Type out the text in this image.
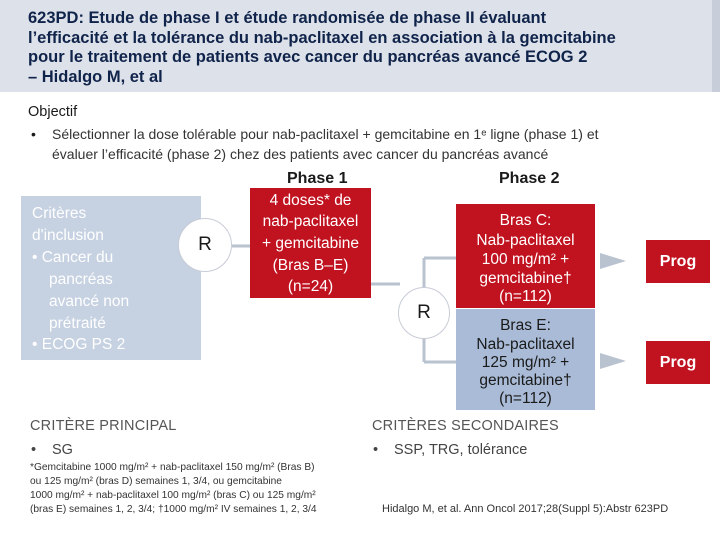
623PD: Etude de phase I et étude randomisée de phase II évaluant
l’efficacité et la tolérance du nab-paclitaxel en association à la gemcitabine
pour le traitement de patients avec cancer du pancréas avancé ECOG 2
– Hidalgo M, et al
Objectif
• Sélectionner la dose tolérable pour nab-paclitaxel + gemcitabine en 1ᵉ ligne (phase 1) et
évaluer l’efficacité (phase 2) chez des patients avec cancer du pancréas avancé
Phase 1	Phase 2
Critères
d'inclusion
• Cancer du
pancréas
avancé non
prétraité
• ECOG PS 2
R
4 doses* de
nab-paclitaxel
+ gemcitabine
(Bras B–E)
(n=24)
R
Bras C:
Nab-paclitaxel
100 mg/m² +
gemcitabine†
(n=112)
Bras E:
Nab-paclitaxel
125 mg/m² +
gemcitabine†
(n=112)
Prog
Prog
CRITÈRE PRINCIPAL
• SG
CRITÈRES SECONDAIRES
• SSP, TRG, tolérance
*Gemcitabine 1000 mg/m² + nab-paclitaxel 150 mg/m² (Bras B)
ou 125 mg/m² (bras D) semaines 1, 3/4, ou gemcitabine
1000 mg/m² + nab-paclitaxel 100 mg/m² (bras C) ou 125 mg/m²
(bras E) semaines 1, 2, 3/4; †1000 mg/m² IV semaines 1, 2, 3/4	Hidalgo M, et al. Ann Oncol 2017;28(Suppl 5):Abstr 623PD
